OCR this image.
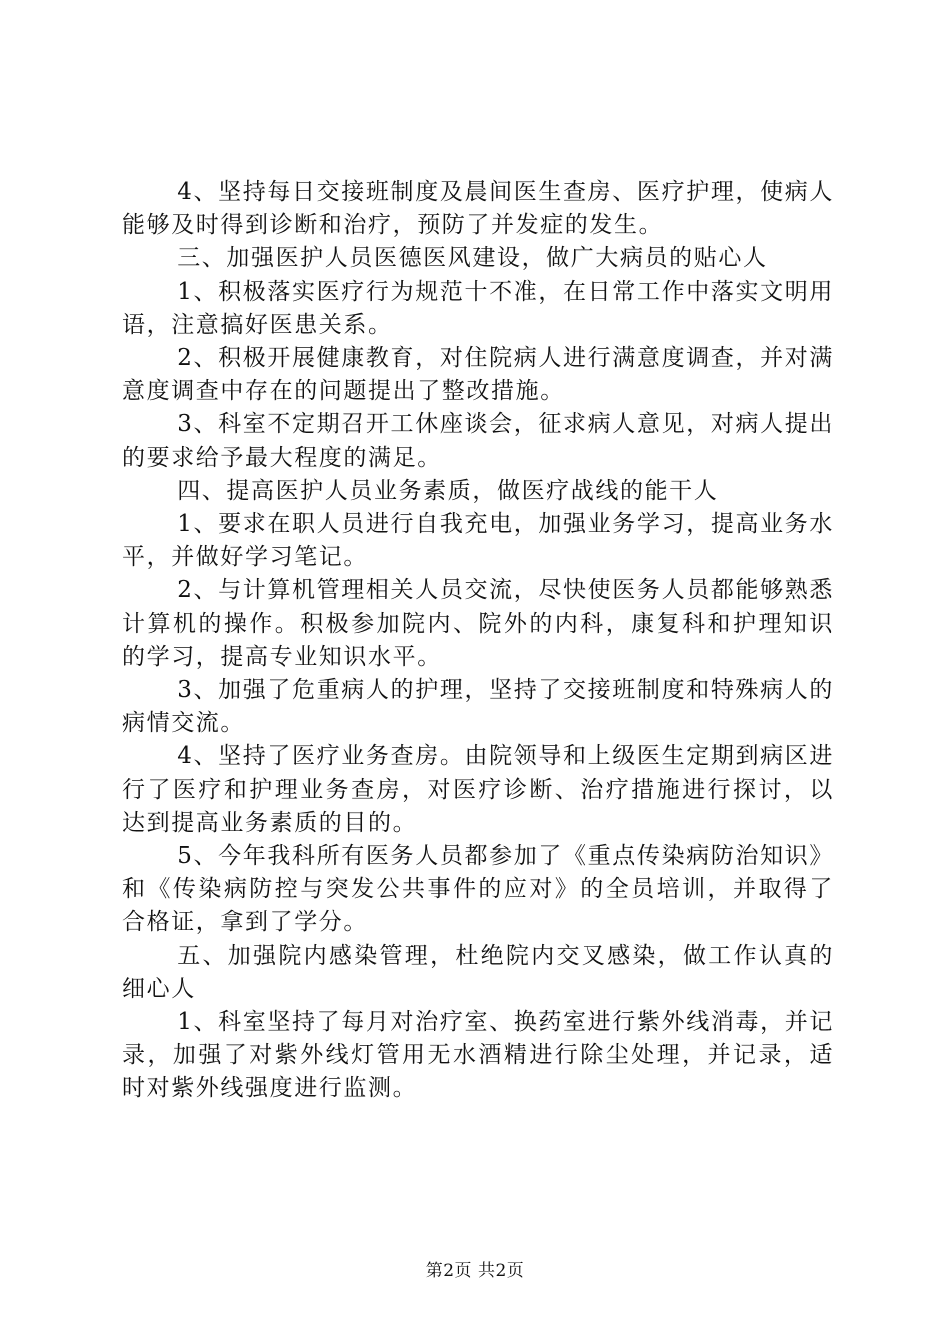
4、坚持每日交接班制度及晨间医生查房、医疗护理，使病人能够及时得到诊断和治疗，预防了并发症的发生。

三、加强医护人员医德医风建设，做广大病员的贴心人

1、积极落实医疗行为规范十不准，在日常工作中落实文明用语，注意搞好医患关系。

2、积极开展健康教育，对住院病人进行满意度调查，并对满意度调查中存在的问题提出了整改措施。

3、科室不定期召开工休座谈会，征求病人意见，对病人提出的要求给予最大程度的满足。

四、提高医护人员业务素质，做医疗战线的能干人

1、要求在职人员进行自我充电，加强业务学习，提高业务水平，并做好学习笔记。

2、与计算机管理相关人员交流，尽快使医务人员都能够熟悉计算机的操作。积极参加院内、院外的内科，康复科和护理知识的学习，提高专业知识水平。

3、加强了危重病人的护理，坚持了交接班制度和特殊病人的病情交流。

4、坚持了医疗业务查房。由院领导和上级医生定期到病区进行了医疗和护理业务查房，对医疗诊断、治疗措施进行探讨，以达到提高业务素质的目的。

5、今年我科所有医务人员都参加了《重点传染病防治知识》和《传染病防控与突发公共事件的应对》的全员培训，并取得了合格证，拿到了学分。

五、加强院内感染管理，杜绝院内交叉感染，做工作认真的细心人

1、科室坚持了每月对治疗室、换药室进行紫外线消毒，并记录，加强了对紫外线灯管用无水酒精进行除尘处理，并记录，适时对紫外线强度进行监测。

第2页 共2页
